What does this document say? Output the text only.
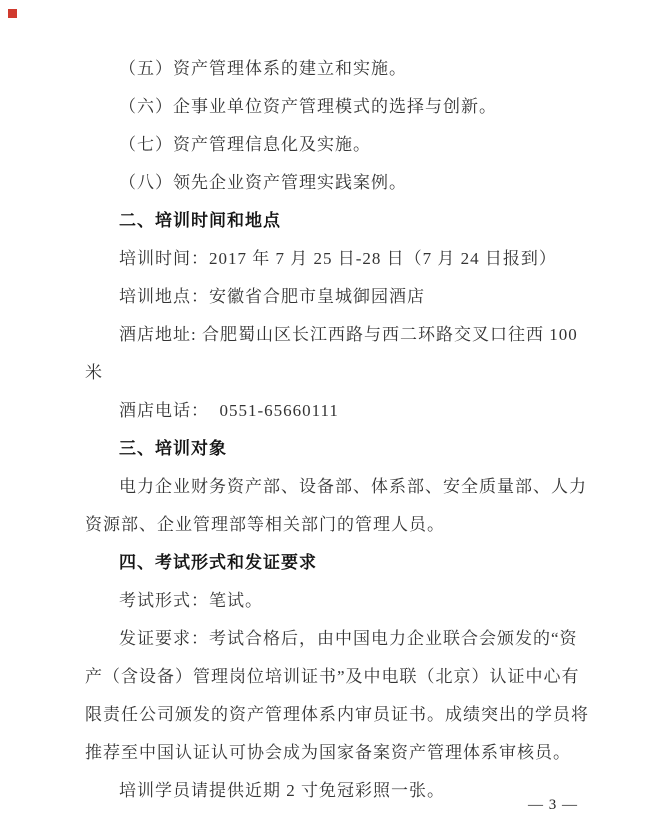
（五）资产管理体系的建立和实施。
（六）企事业单位资产管理模式的选择与创新。
（七）资产管理信息化及实施。
（八）领先企业资产管理实践案例。
二、培训时间和地点
培训时间：2017 年 7 月 25 日-28 日（7 月 24 日报到）
培训地点：安徽省合肥市皇城御园酒店
酒店地址: 合肥蜀山区长江西路与西二环路交叉口往西 100 米
酒店电话：  0551-65660111
三、培训对象
电力企业财务资产部、设备部、体系部、安全质量部、人力
资源部、企业管理部等相关部门的管理人员。
四、考试形式和发证要求
考试形式：笔试。
发证要求：考试合格后，由中国电力企业联合会颁发的“资
产（含设备）管理岗位培训证书”及中电联（北京）认证中心有
限责任公司颁发的资产管理体系内审员证书。成绩突出的学员将
推荐至中国认证认可协会成为国家备案资产管理体系审核员。
培训学员请提供近期 2 寸免冠彩照一张。
— 3 —
